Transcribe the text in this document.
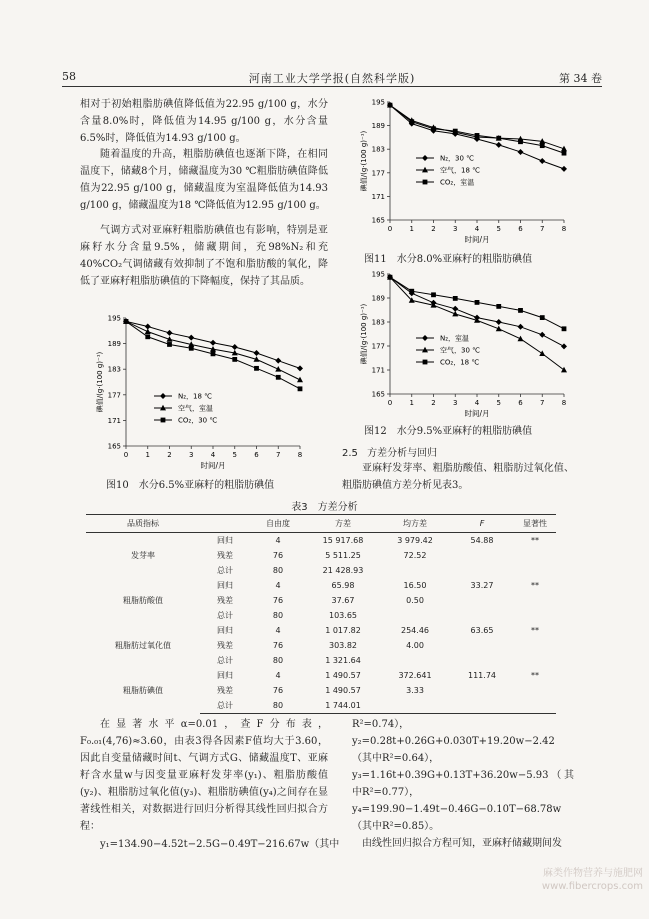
58	河南工业大学学报(自然科学版)	第 34 卷
相对于初始粗脂肪碘值降低值为22.95 g/100 g，水分含量8.0%时，降低值为14.95 g/100 g，水分含量6.5%时，降低值为14.93 g/100 g。
随着温度的升高，粗脂肪碘值也逐渐下降，在相同温度下，储藏8个月，储藏温度为30 ℃粗脂肪碘值降低值为22.95 g/100 g，储藏温度为室温降低值为14.93 g/100 g，储藏温度为18 ℃降低值为12.95 g/100 g。
气调方式对亚麻籽粗脂肪碘值也有影响，特别是亚麻籽水分含量9.5%，储藏期间，充98%N₂和充40%CO₂气调储藏有效抑制了不饱和脂肪酸的氧化，降低了亚麻籽粗脂肪碘值的下降幅度，保持了其品质。
165
171
177
183
189
195
0 1 2 3 4 5 6 7 8
时间/月
碘值/(g·(100 g)⁻¹)	N₂，18 ℃
空气，室温
CO₂，30 ℃
图10　水分6.5%亚麻籽的粗脂肪碘值
165
171
177
183
189
195
0 1 2 3 4 5 6 7 8
时间/月
碘值/(g·(100 g)⁻¹)	N₂，30 ℃
空气，18 ℃
CO₂，室温
图11　水分8.0%亚麻籽的粗脂肪碘值
165
171
177
183
189
195
0 1 2 3 4 5 6 7 8
时间/月
碘值/(g·(100 g)⁻¹)	N₂，室温
空气，30 ℃
CO₂，18 ℃
图12　水分9.5%亚麻籽的粗脂肪碘值
2.5 方差分析与回归
亚麻籽发芽率、粗脂肪酸值、粗脂肪过氧化值、粗脂肪碘值方差分析见表3。
表3　方差分析
品质指标		自由度	方差	均方差	F	显著性
发芽率	回归	4	15 917.68	3 979.42	54.88	**
	残差	76	5 511.25	72.52		
	总计	80	21 428.93			
粗脂肪酸值	回归	4	65.98	16.50	33.27	**
	残差	76	37.67	0.50		
	总计	80	103.65			
粗脂肪过氧化值	回归	4	1 017.82	254.46	63.65	**
	残差	76	303.82	4.00		
	总计	80	1 321.64			
粗脂肪碘值	回归	4	1 490.57	372.641	111.74	**
	残差	76	1 490.57	3.33		
	总计	80	1 744.01			
在显著水平α=0.01，查F分布表，F₀.₀₁(4,76)≈3.60，由表3得各因素F值均大于3.60，因此自变量储藏时间t、气调方式G、储藏温度T、亚麻籽含水量w与因变量亚麻籽发芽率(y₁)、粗脂肪酸值(y₂)、粗脂肪过氧化值(y₃)、粗脂肪碘值(y₄)之间存在显著线性相关，对数据进行回归分析得其线性回归拟合方程：
y₁=134.90−4.52t−2.5G−0.49T−216.67w（其中
R²=0.74），
y₂=0.28t+0.26G+0.030T+19.20w−2.42（其中R²=0.64），
y₃=1.16t+0.39G+0.13T+36.20w−5.93（其中R²=0.77），
y₄=199.90−1.49t−0.46G−0.10T−68.78w（其中R²=0.85）。
由线性回归拟合方程可知，亚麻籽储藏期间发
麻类作物营养与施肥网
www.fibercrops.com
